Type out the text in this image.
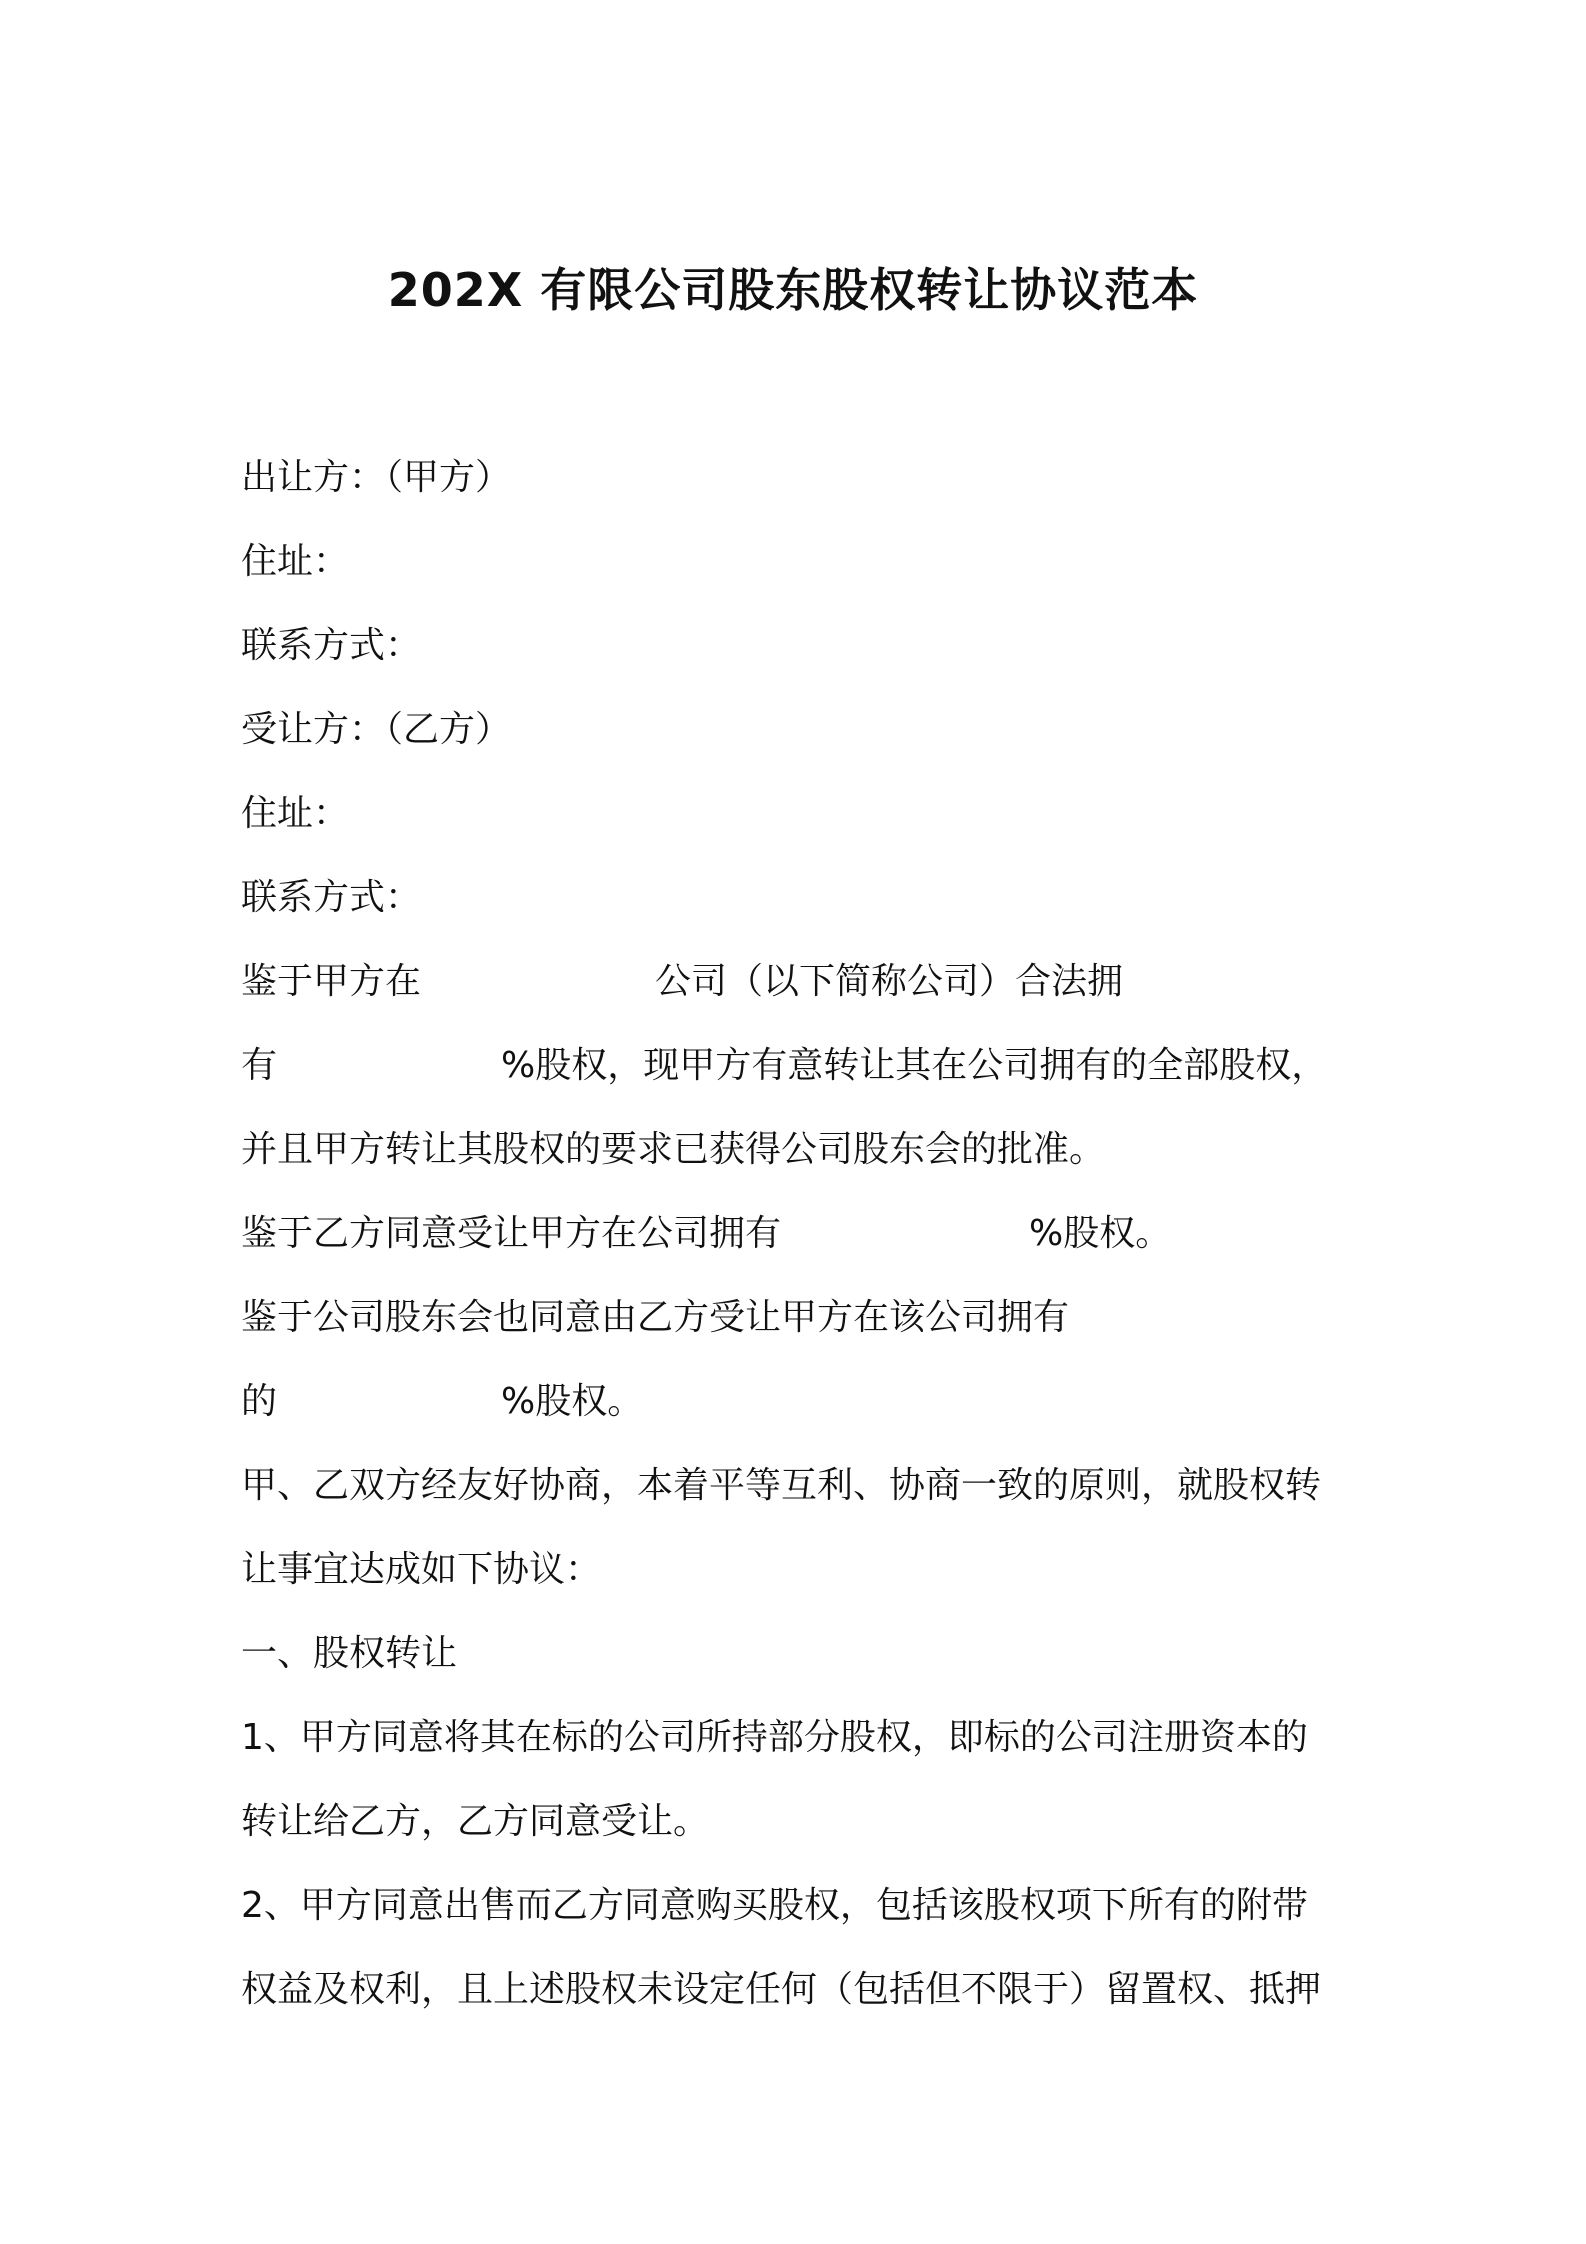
202X 有限公司股东股权转让协议范本
出让方：（甲方）
住址：
联系方式：
受让方：（乙方）
住址：
联系方式：
鉴于甲方在	公司（以下简称公司）合法拥
有	%股权，现甲方有意转让其在公司拥有的全部股权，
并且甲方转让其股权的要求已获得公司股东会的批准。
鉴于乙方同意受让甲方在公司拥有	%股权。
鉴于公司股东会也同意由乙方受让甲方在该公司拥有
的	%股权。
甲、乙双方经友好协商，本着平等互利、协商一致的原则，就股权转
让事宜达成如下协议：
一、股权转让
1、甲方同意将其在标的公司所持部分股权，即标的公司注册资本的
转让给乙方，乙方同意受让。
2、甲方同意出售而乙方同意购买股权，包括该股权项下所有的附带
权益及权利，且上述股权未设定任何（包括但不限于）留置权、抵押
